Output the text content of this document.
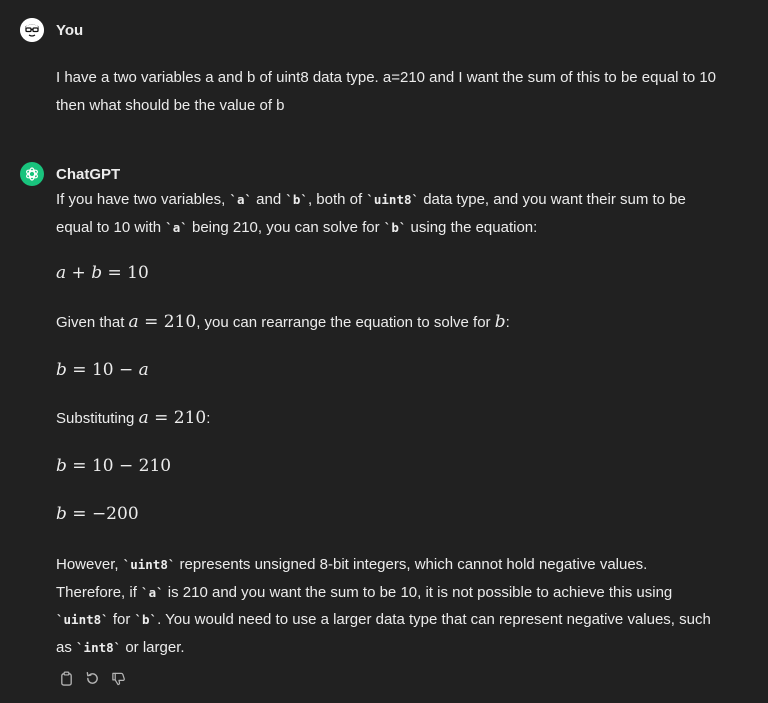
You
I have a two variables a and b of uint8 data type. a=210 and I want the sum of this to be equal to 10
then what should be the value of b
ChatGPT
If you have two variables, `a` and `b`, both of `uint8` data type, and you want their sum to be
equal to 10 with `a` being 210, you can solve for `b` using the equation:
a + b = 10
Given that a = 210, you can rearrange the equation to solve for b:
b = 10 − a
Substituting a = 210:
b = 10 − 210
b = −200
However, `uint8` represents unsigned 8-bit integers, which cannot hold negative values.
Therefore, if `a` is 210 and you want the sum to be 10, it is not possible to achieve this using
`uint8` for `b`. You would need to use a larger data type that can represent negative values, such
as `int8` or larger.
